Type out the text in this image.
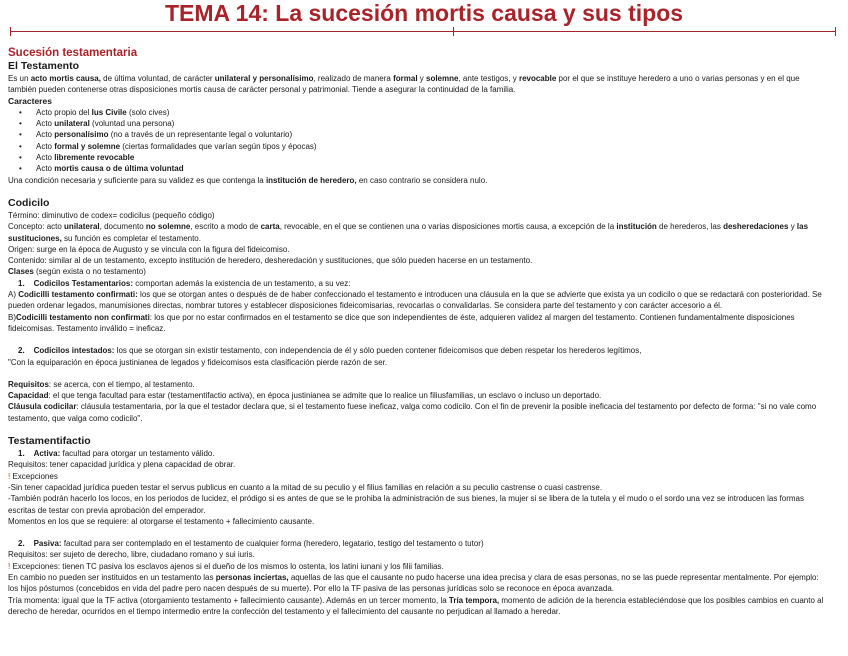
TEMA 14: La sucesión mortis causa y sus tipos

Sucesión testamentaria

El Testamento

Es un acto mortis causa, de última voluntad, de carácter unilateral y personalísimo, realizado de manera formal y solemne, ante testigos, y revocable por el que se instituye heredero a uno o varias personas y en el que también pueden contenerse otras disposiciones mortis causa de carácter personal y patrimonial. Tiende a asegurar la continuidad de la familia.

Caracteres

• Acto propio del Ius Civile (solo cives)
• Acto unilateral (voluntad una persona)
• Acto personalísimo (no a través de un representante legal o voluntario)
• Acto formal y solemne (ciertas formalidades que varían según tipos y épocas)
• Acto libremente revocable
• Acto mortis causa o de última voluntad

Una condición necesaria y suficiente para su validez es que contenga la institución de heredero, en caso contrario se considera nulo.

Codicilo

Término: diminutivo de codex= codicilus (pequeño código)

Concepto: acto unilateral, documento no solemne, escrito a modo de carta, revocable, en el que se contienen una o varias disposiciones mortis causa, a excepción de la institución de herederos, las desheredaciones y las sustituciones, su función es completar el testamento.

Origen: surge en la época de Augusto y se vincula con la figura del fideicomiso.

Contenido: similar al de un testamento, excepto institución de heredero, desheredación y sustituciones, que sólo pueden hacerse en un testamento.

Clases (según exista o no testamento)

1. Codicilos Testamentarios: comportan además la existencia de un testamento, a su vez:

A) Codicilli testamento confirmati: los que se otorgan antes o después de de haber confeccionado el testamento e introducen una cláusula en la que se advierte que exista ya un codicilo o que se redactará con posterioridad. Se pueden ordenar legados, manumisiones directas, nombrar tutores y establecer disposiciones fideicomisarias, revocarlas o convalidarlas. Se considera parte del testamento y con carácter accesorio a él.

B)Codicilli testamento non confirmati: los que por no estar confirmados en el testamento se dice que son independientes de éste, adquieren validez al margen del testamento. Contienen fundamentalmente disposiciones fideicomisas. Testamento inválido = ineficaz.

2. Codicilos intestados: los que se otorgan sin existir testamento, con independencia de él y sólo pueden contener fideicomisos que deben respetar los herederos legítimos,

"Con la equiparación en época justinianea de legados y fideicomisos esta clasificación pierde razón de ser.

Requisitos: se acerca, con el tiempo, al testamento.

Capacidad: el que tenga facultad para estar (testamentifactio activa), en época justinianea se admite que lo realice un filiusfamilias, un esclavo o incluso un deportado.

Cláusula codicilar: cláusula testamentaria, por la que el testador declara que, si el testamento fuese ineficaz, valga como codicilo. Con el fin de prevenir la posible ineficacia del testamento por defecto de forma: "si no vale como testamento, que valga como codicilo".

Testamentifactio

1. Activa: facultad para otorgar un testamento válido.

Requisitos: tener capacidad jurídica y plena capacidad de obrar.

! Excepciones

-Sin tener capacidad jurídica pueden testar el servus publicus en cuanto a la mitad de su peculio y el filius familias en relación a su peculio castrense o cuasi castrense.

-También podrán hacerlo los locos, en los periodos de lucidez, el pródigo si es antes de que se le prohiba la administración de sus bienes, la mujer si se libera de la tutela y el mudo o el sordo una vez se introducen las formas escritas de testar con previa aprobación del emperador.

Momentos en los que se requiere: al otorgarse el testamento + fallecimiento causante.

2. Pasiva: facultad para ser contemplado en el testamento de cualquier forma (heredero, legatario, testigo del testamento o tutor)

Requisitos: ser sujeto de derecho, libre, ciudadano romano y sui iuris.

! Excepciones: tienen TC pasiva los esclavos ajenos si el dueño de los mismos lo ostenta, los latini iunani y los filii familias.

En cambio no pueden ser instituidos en un testamento las personas inciertas, aquellas de las que el causante no pudo hacerse una idea precisa y clara de esas personas, no se las puede representar mentalmente. Por ejemplo: los hijos póstumos (concebidos en vida del padre pero nacen después de su muerte). Por ello la TF pasiva de las personas jurídicas solo se reconoce en época avanzada.

Tría momenta: igual que la TF activa (otorgamiento testamento + fallecimiento causante). Además en un tercer momento, la Tría tempora, momento de adición de la herencia estableciéndose que los posibles cambios en cuanto al derecho de heredar, ocurridos en el tiempo intermedio entre la confección del testamento y el fallecimiento del causante no perjudican al llamado a heredar.
